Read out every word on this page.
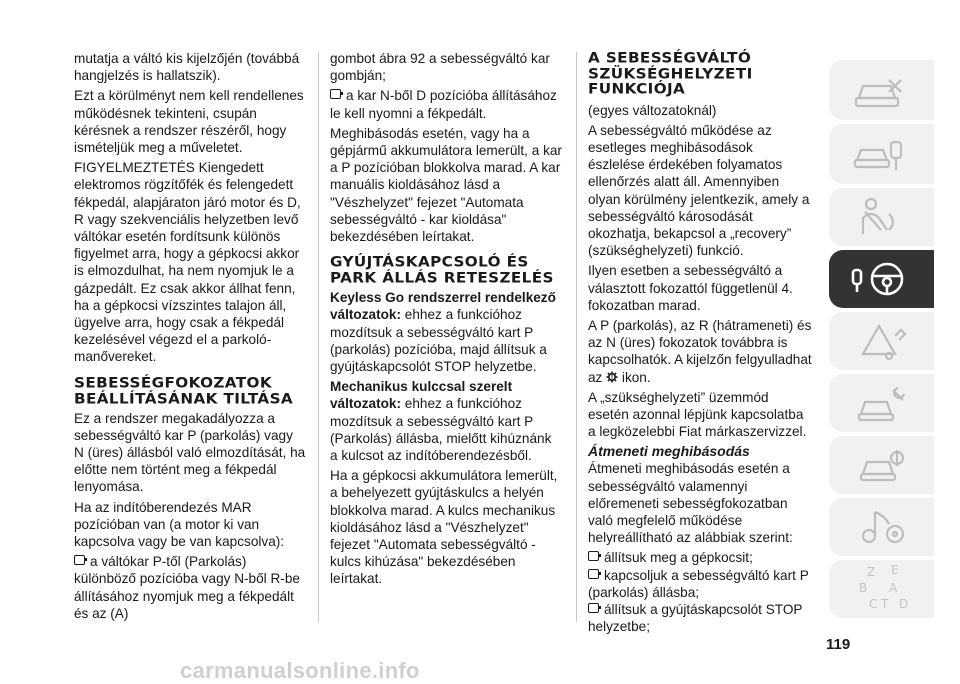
mutatja a váltó kis kijelzőjén (továbbá hangjelzés is hallatszik).

Ezt a körülményt nem kell rendellenes működésnek tekinteni, csupán kérésnek a rendszer részéről, hogy ismételjük meg a műveletet.

FIGYELMEZTETÉS Kiengedett elektromos rögzítőfék és felengedett fékpedál, alapjáraton járó motor és D, R vagy szekvenciális helyzetben levő váltókar esetén fordítsunk különös figyelmet arra, hogy a gépkocsi akkor is elmozdulhat, ha nem nyomjuk le a gázpedált. Ez csak akkor állhat fenn, ha a gépkocsi vízszintes talajon áll, ügyelve arra, hogy csak a fékpedál kezelésével végezd el a parkoló-manővereket.

SEBESSÉGFOKOZATOK BEÁLLÍTÁSÁNAK TILTÁSA

Ez a rendszer megakadályozza a sebességváltó kar P (parkolás) vagy N (üres) állásból való elmozdítását, ha előtte nem történt meg a fékpedál lenyomása.

Ha az indítóberendezés MAR pozícióban van (a motor ki van kapcsolva vagy be van kapcsolva):

a váltókar P-től (Parkolás) különböző pozícióba vagy N-ből R-be állításához nyomjuk meg a fékpedált és az (A)

gombot ábra 92 a sebességváltó kar gombján;

a kar N-ből D pozícióba állításához le kell nyomni a fékpedált.

Meghibásodás esetén, vagy ha a gépjármű akkumulátora lemerült, a kar a P pozícióban blokkolva marad. A kar manuális kioldásához lásd a "Vészhelyzet" fejezet "Automata sebességváltó - kar kioldása" bekezdésében leírtakat.

GYÚJTÁSKAPCSOLÓ ÉS PARK ÁLLÁS RETESZELÉS

Keyless Go rendszerrel rendelkező változatok: ehhez a funkcióhoz mozdítsuk a sebességváltó kart P (parkolás) pozícióba, majd állítsuk a gyújtáskapcsolót STOP helyzetbe.

Mechanikus kulccsal szerelt változatok: ehhez a funkcióhoz mozdítsuk a sebességváltó kart P (Parkolás) állásba, mielőtt kihúznánk a kulcsot az indítóberendezésből.

Ha a gépkocsi akkumulátora lemerült, a behelyezett gyújtáskulcs a helyén blokkolva marad. A kulcs mechanikus kioldásához lásd a "Vészhelyzet" fejezet "Automata sebességváltó - kulcs kihúzása" bekezdésében leírtakat.

A SEBESSÉGVÁLTÓ SZÜKSÉGHELYZETI FUNKCIÓJA

(egyes változatoknál)

A sebességváltó működése az esetleges meghibásodások észlelése érdekében folyamatos ellenőrzés alatt áll. Amennyiben olyan körülmény jelentkezik, amely a sebességváltó károsodását okozhatja, bekapcsol a „recovery” (szükséghelyzeti) funkció.

Ilyen esetben a sebességváltó a választott fokozattól függetlenül 4. fokozatban marad.

A P (parkolás), az R (hátrameneti) és az N (üres) fokozatok továbbra is kapcsolhatók. A kijelzőn felgyulladhat az ! ikon.

A „szükséghelyzeti” üzemmód esetén azonnal lépjünk kapcsolatba a legközelebbi Fiat márkaszervizzel.

Átmeneti meghibásodás

Átmeneti meghibásodás esetén a sebességváltó valamennyi előremeneti sebességfokozatban való megfelelő működése helyreállítható az alábbiak szerint:

állítsuk meg a gépkocsit;

kapcsoljuk a sebességváltó kart P (parkolás) állásba;

állítsuk a gyújtáskapcsolót STOP helyzetbe;

Z E
B A
C T D
119
carmanualsonline.info
